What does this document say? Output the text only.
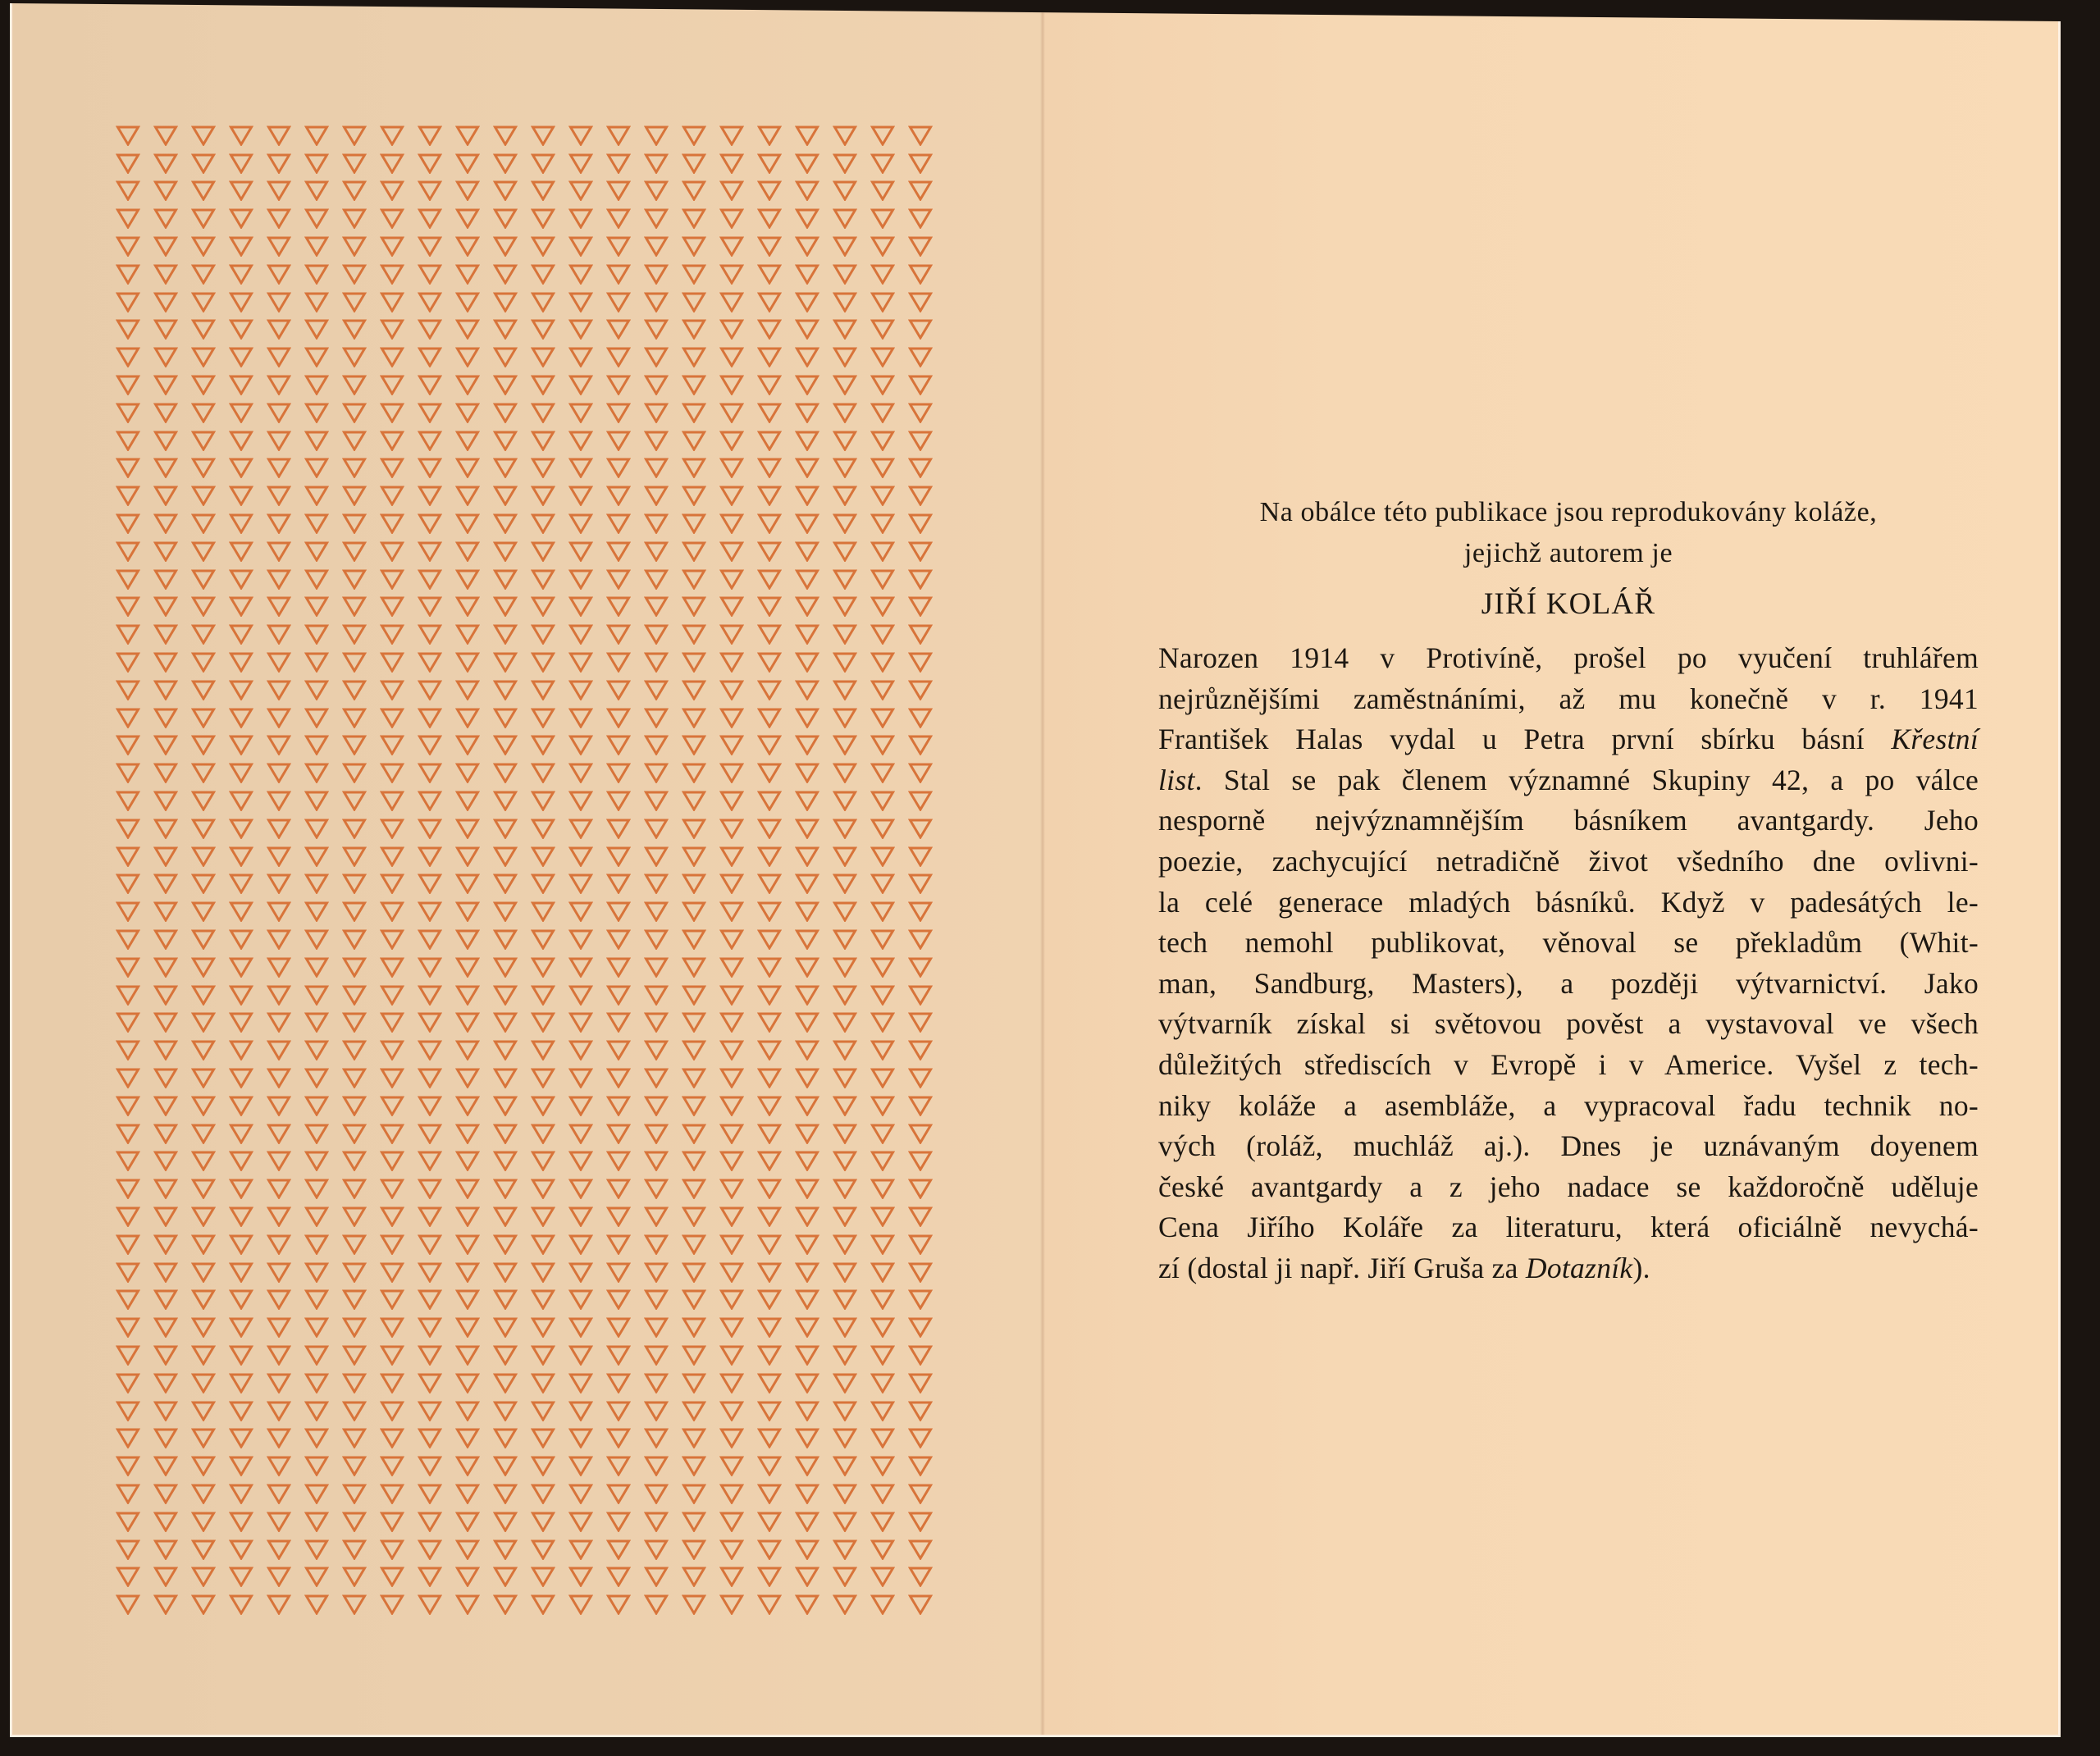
Na obálce této publikace jsou reprodukovány koláže,
jejichž autorem je

JIŘÍ KOLÁŘ

Narozen 1914 v Protivíně, prošel po vyučení truhlářem
nejrůznějšími zaměstnáními, až mu konečně v r. 1941
František Halas vydal u Petra první sbírku básní Křestní
list. Stal se pak členem významné Skupiny 42, a po válce
nesporně nejvýznamnějším básníkem avantgardy. Jeho
poezie, zachycující netradičně život všedního dne ovlivni-
la celé generace mladých básníků. Když v padesátých le-
tech nemohl publikovat, věnoval se překladům (Whit-
man, Sandburg, Masters), a později výtvarnictví. Jako
výtvarník získal si světovou pověst a vystavoval ve všech
důležitých střediscích v Evropě i v Americe. Vyšel z tech-
niky koláže a asembláže, a vypracoval řadu technik no-
vých (roláž, muchláž aj.). Dnes je uznávaným doyenem
české avantgardy a z jeho nadace se každoročně uděluje
Cena Jiřího Koláře za literaturu, která oficiálně nevychá-
zí (dostal ji např. Jiří Gruša za Dotazník).
